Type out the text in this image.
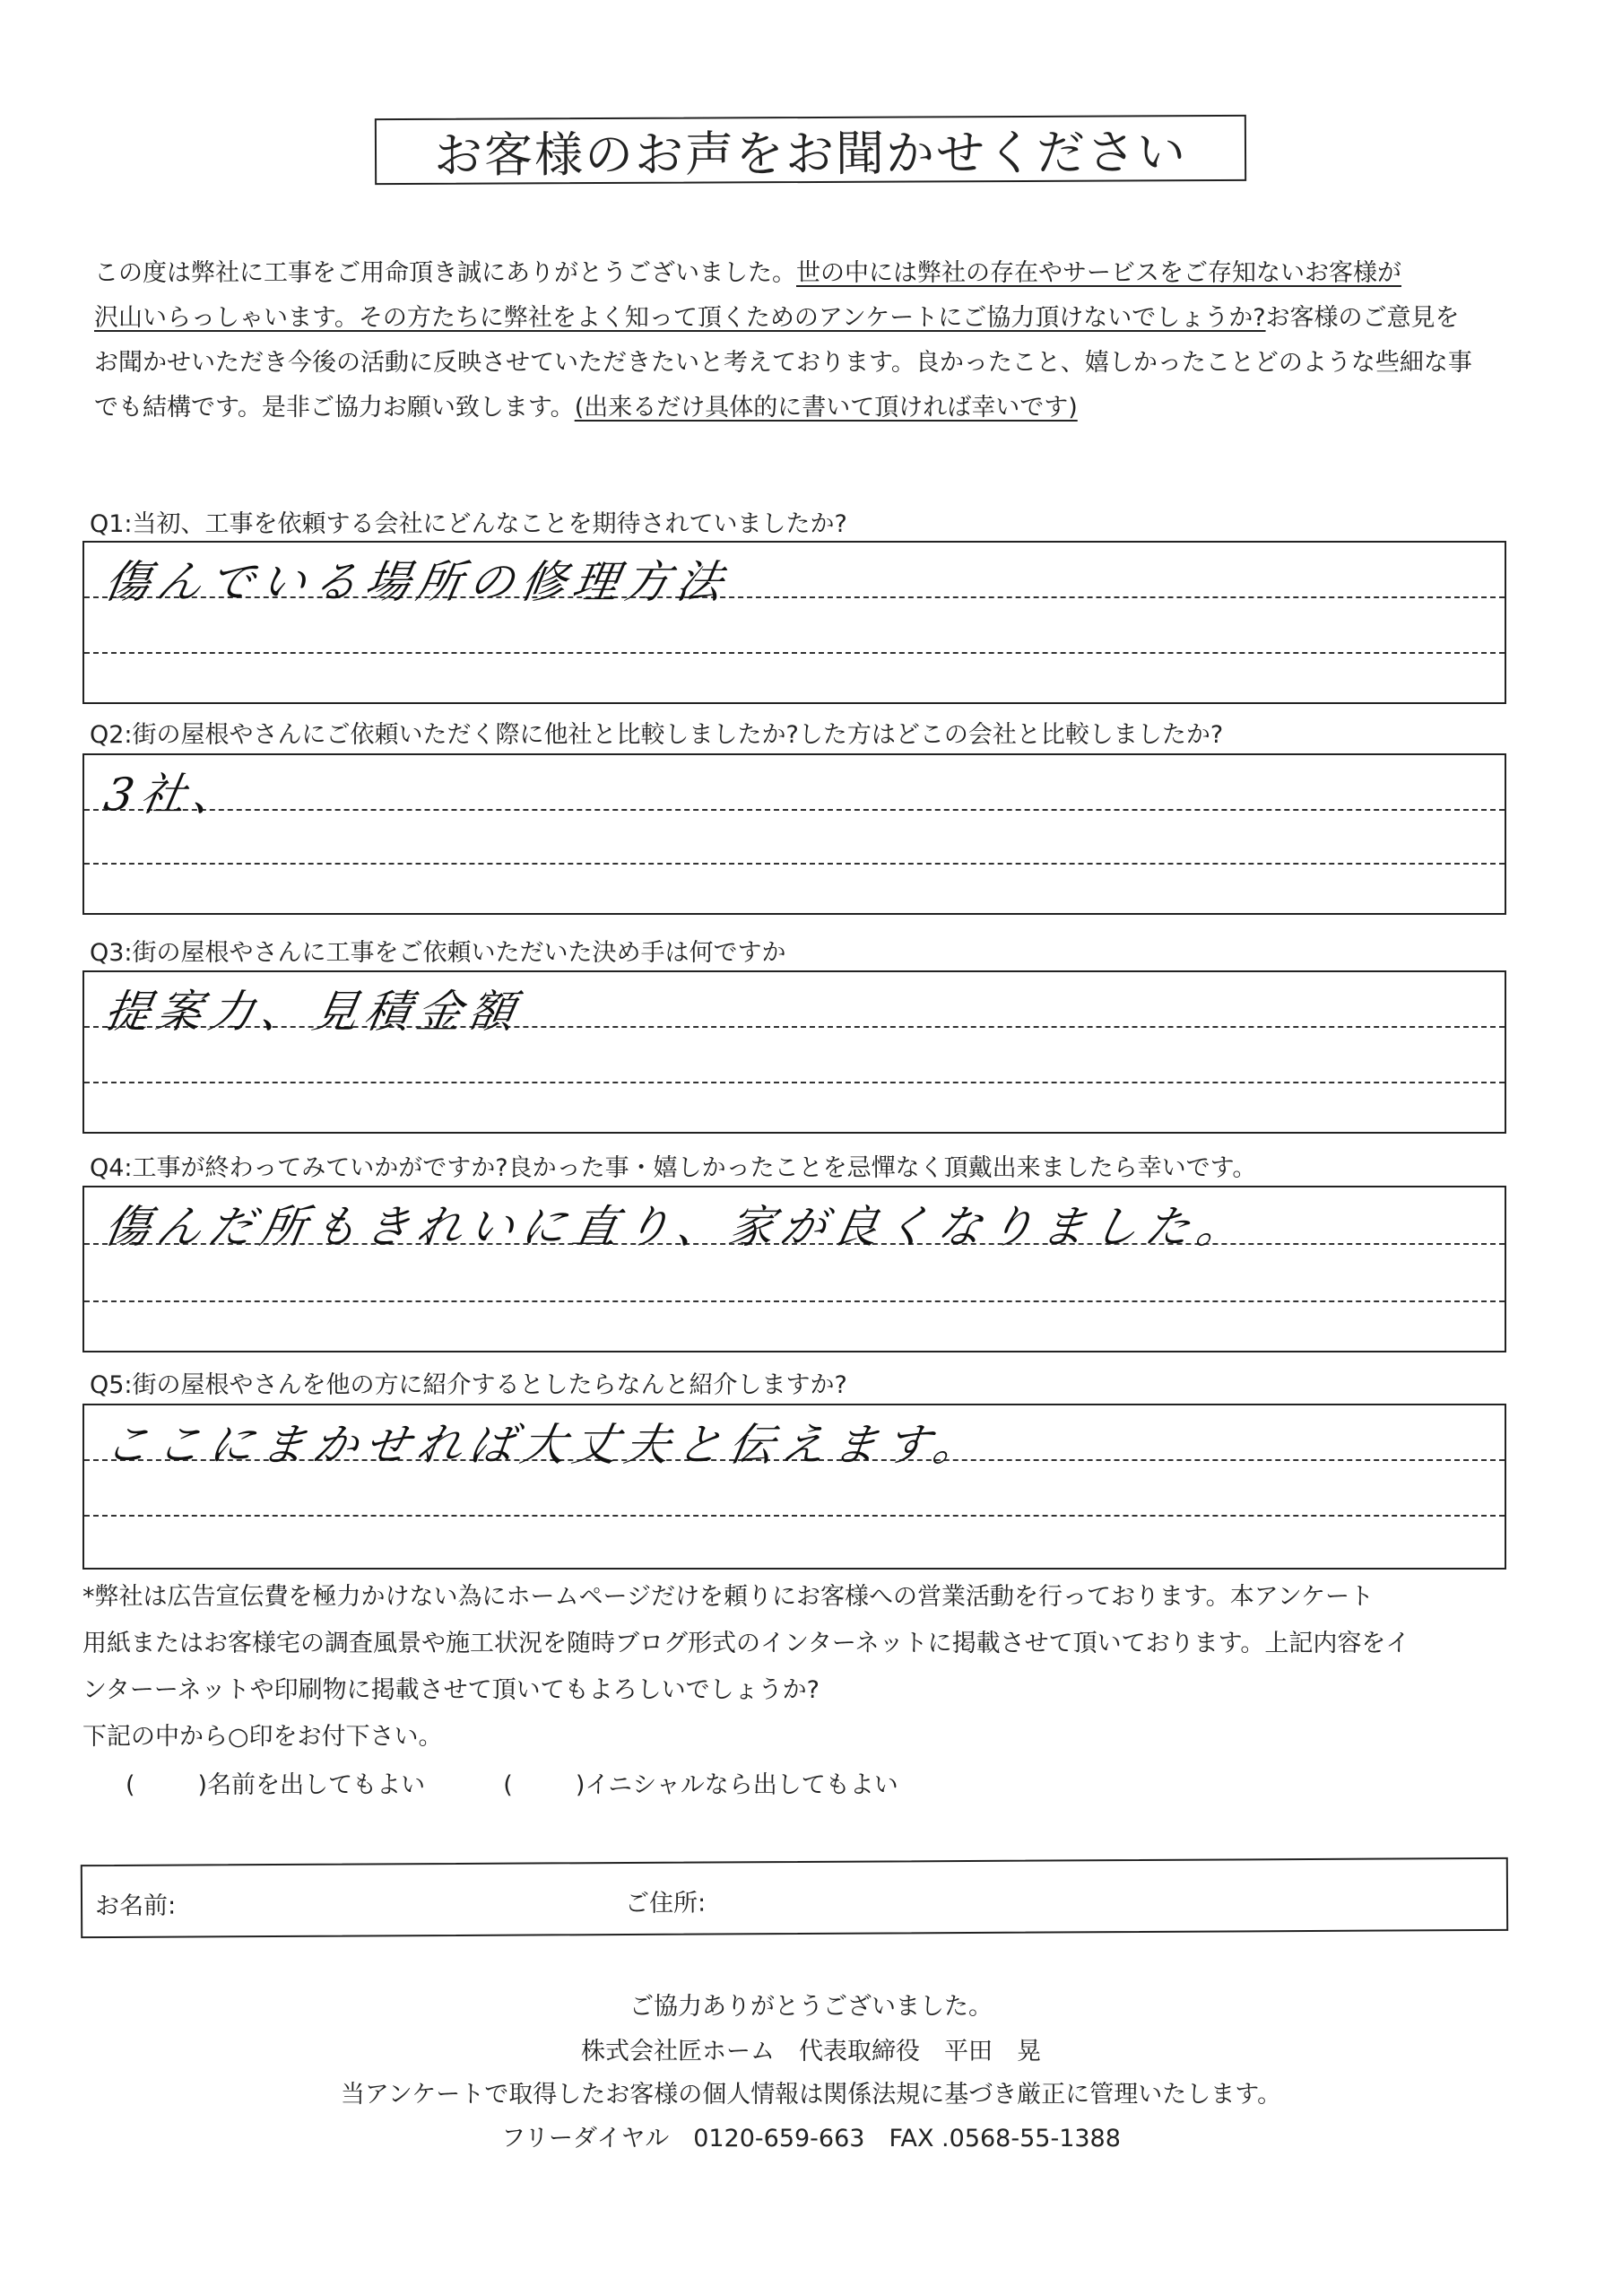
お客様のお声をお聞かせください
この度は弊社に工事をご用命頂き誠にありがとうございました。世の中には弊社の存在やサービスをご存知ないお客様が
沢山いらっしゃいます。その方たちに弊社をよく知って頂くためのアンケートにご協力頂けないでしょうか?お客様のご意見を
お聞かせいただき今後の活動に反映させていただきたいと考えております。良かったこと、嬉しかったことどのような些細な事
でも結構です。是非ご協力お願い致します。(出来るだけ具体的に書いて頂ければ幸いです)
Q1:当初、工事を依頼する会社にどんなことを期待されていましたか?
傷んでいる場所の修理方法
Q2:街の屋根やさんにご依頼いただく際に他社と比較しましたか?した方はどこの会社と比較しましたか?
3社、
Q3:街の屋根やさんに工事をご依頼いただいた決め手は何ですか
提案力、見積金額
Q4:工事が終わってみていかがですか?良かった事・嬉しかったことを忌憚なく頂戴出来ましたら幸いです。
傷んだ所もきれいに直り、家が良くなりました。
Q5:街の屋根やさんを他の方に紹介するとしたらなんと紹介しますか?
ここにまかせれば大丈夫と伝えます。
*弊社は広告宣伝費を極力かけない為にホームページだけを頼りにお客様への営業活動を行っております。本アンケート
用紙またはお客様宅の調査風景や施工状況を随時ブログ形式のインターネットに掲載させて頂いております。上記内容をイ
ンターーネットや印刷物に掲載させて頂いてもよろしいでしょうか?
下記の中から○印をお付下さい。
(	)名前を出してもよい	(	)イニシャルなら出してもよい
お名前:	ご住所:
ご協力ありがとうございました。
株式会社匠ホーム　代表取締役　平田　晃
当アンケートで取得したお客様の個人情報は関係法規に基づき厳正に管理いたします。
フリーダイヤル　0120-659-663　FAX .0568-55-1388
